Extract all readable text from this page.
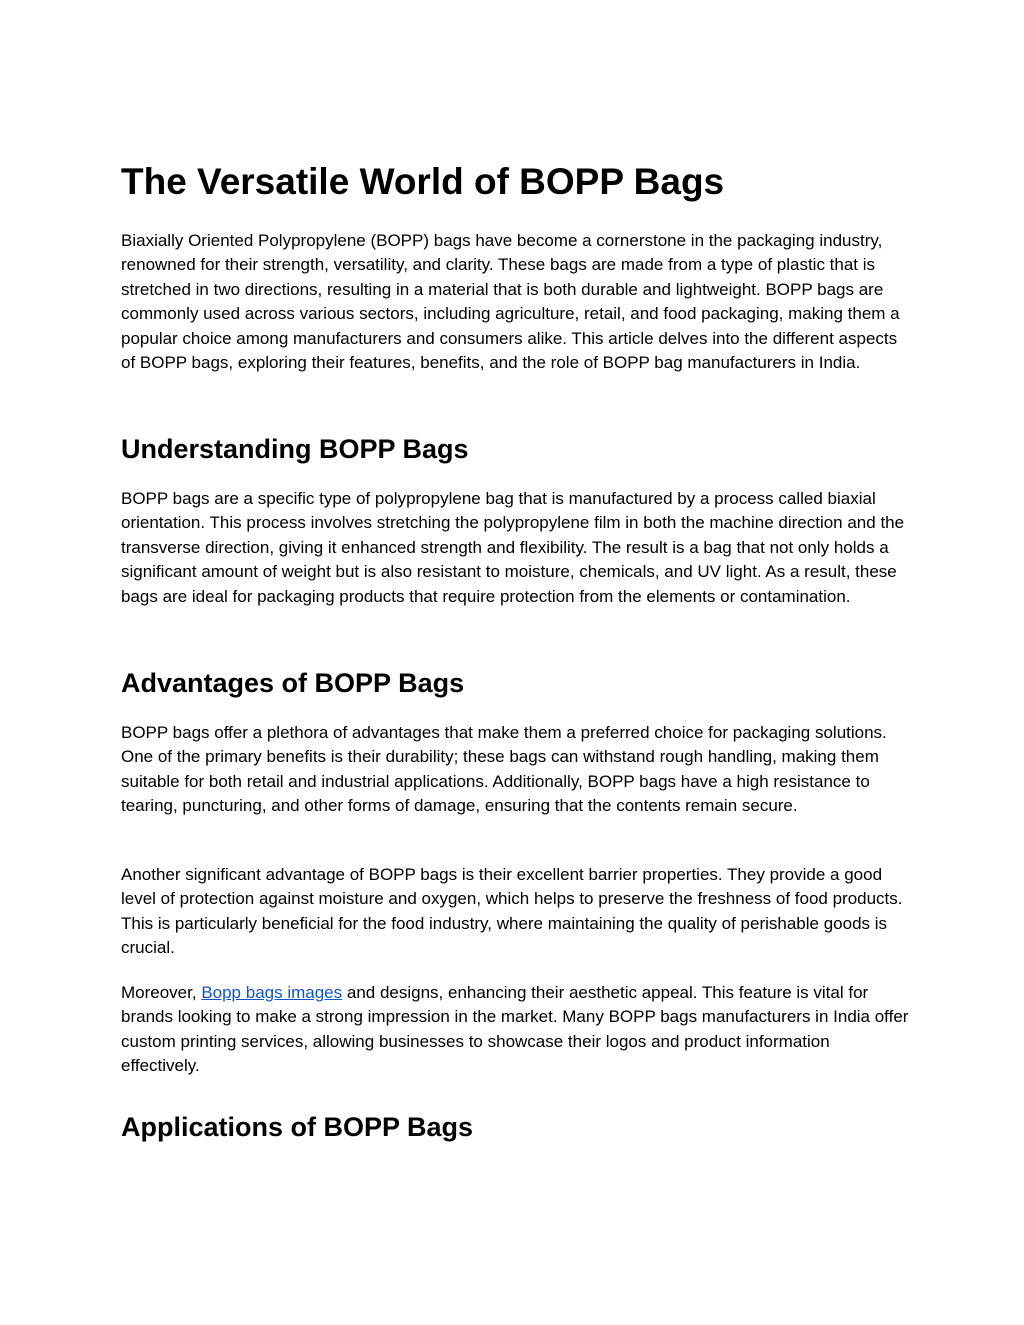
The Versatile World of BOPP Bags

Biaxially Oriented Polypropylene (BOPP) bags have become a cornerstone in the packaging industry, renowned for their strength, versatility, and clarity. These bags are made from a type of plastic that is stretched in two directions, resulting in a material that is both durable and lightweight. BOPP bags are commonly used across various sectors, including agriculture, retail, and food packaging, making them a popular choice among manufacturers and consumers alike. This article delves into the different aspects of BOPP bags, exploring their features, benefits, and the role of BOPP bag manufacturers in India.

Understanding BOPP Bags

BOPP bags are a specific type of polypropylene bag that is manufactured by a process called biaxial orientation. This process involves stretching the polypropylene film in both the machine direction and the transverse direction, giving it enhanced strength and flexibility. The result is a bag that not only holds a significant amount of weight but is also resistant to moisture, chemicals, and UV light. As a result, these bags are ideal for packaging products that require protection from the elements or contamination.

Advantages of BOPP Bags

BOPP bags offer a plethora of advantages that make them a preferred choice for packaging solutions. One of the primary benefits is their durability; these bags can withstand rough handling, making them suitable for both retail and industrial applications. Additionally, BOPP bags have a high resistance to tearing, puncturing, and other forms of damage, ensuring that the contents remain secure.

Another significant advantage of BOPP bags is their excellent barrier properties. They provide a good level of protection against moisture and oxygen, which helps to preserve the freshness of food products. This is particularly beneficial for the food industry, where maintaining the quality of perishable goods is crucial.

Moreover, Bopp bags images and designs, enhancing their aesthetic appeal. This feature is vital for brands looking to make a strong impression in the market. Many BOPP bags manufacturers in India offer custom printing services, allowing businesses to showcase their logos and product information effectively.

Applications of BOPP Bags
